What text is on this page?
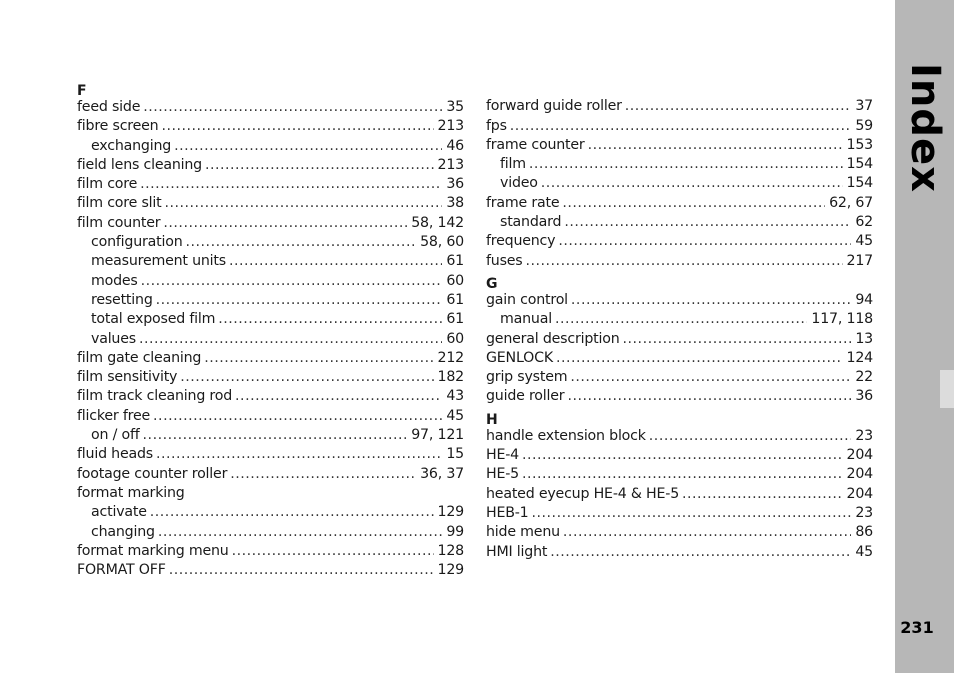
F
feed side .....	35
fibre screen .....	213
exchanging .....	46
field lens cleaning .....	213
film core .....	36
film core slit .....	38
film counter .....	58, 142
configuration .....	58, 60
measurement units .....	61
modes .....	60
resetting .....	61
total exposed film .....	61
values .....	60
film gate cleaning .....	212
film sensitivity .....	182
film track cleaning rod .....	43
flicker free .....	45
on / off .....	97, 121
fluid heads .....	15
footage counter roller .....	36, 37
format marking
activate .....	129
changing .....	99
format marking menu .....	128
FORMAT OFF .....	129
forward guide roller .....	37
fps .....	59
frame counter .....	153
film .....	154
video .....	154
frame rate .....	62, 67
standard .....	62
frequency .....	45
fuses .....	217
G
gain control .....	94
manual .....	117, 118
general description .....	13
GENLOCK .....	124
grip system .....	22
guide roller .....	36
H
handle extension block .....	23
HE-4 .....	204
HE-5 .....	204
heated eyecup HE-4 & HE-5 .....	204
HEB-1 .....	23
hide menu .....	86
HMI light .....	45
Index
231
